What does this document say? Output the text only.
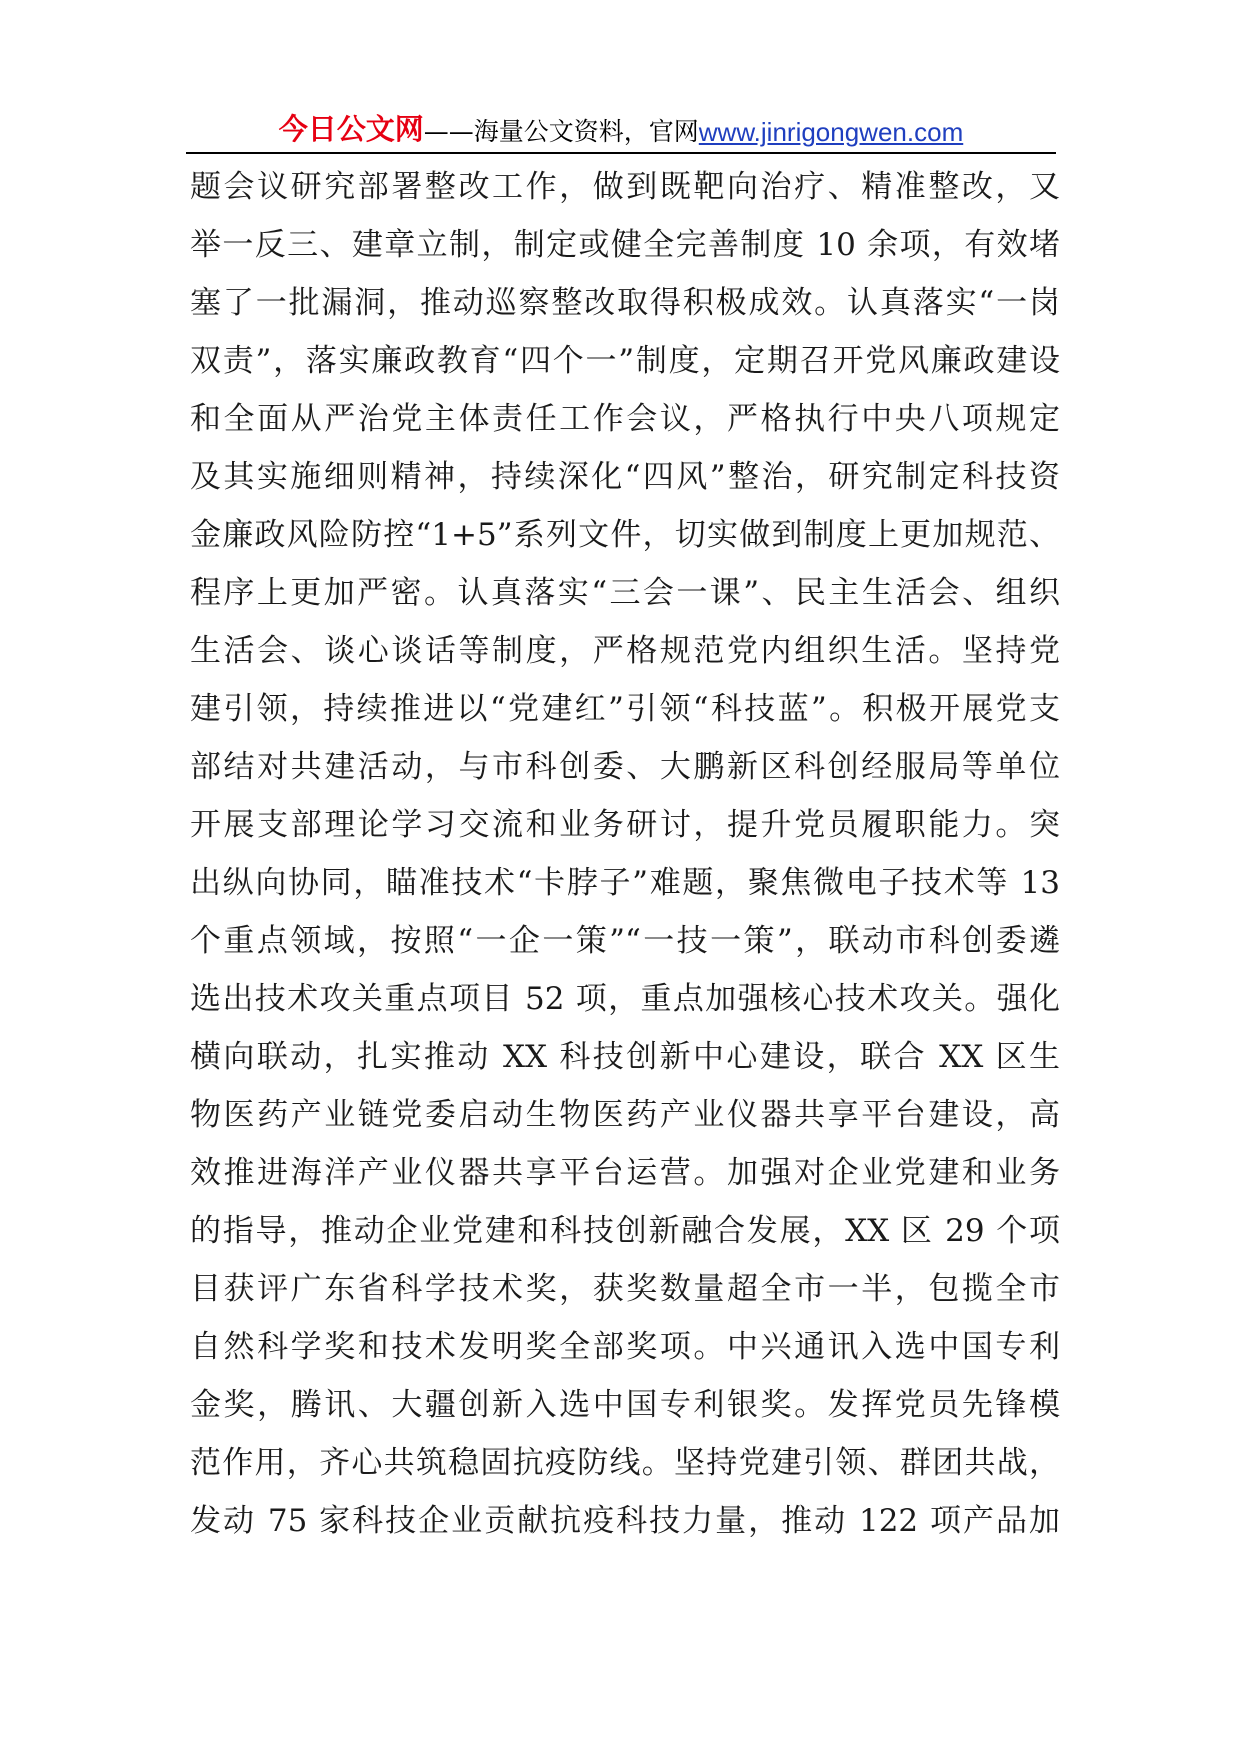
今日公文网 ——海量公文资料，官网 www.jinrigongwen.com
题会议研究部署整改工作，做到既靶向治疗、精准整改，又
举一反三、建章立制，制定或健全完善制度 10 余项，有效堵
塞了一批漏洞，推动巡察整改取得积极成效。认真落实“一岗
双责”，落实廉政教育“四个一”制度，定期召开党风廉政建设
和全面从严治党主体责任工作会议，严格执行中央八项规定
及其实施细则精神，持续深化“四风”整治，研究制定科技资
金廉政风险防控“1+5”系列文件，切实做到制度上更加规范、
程序上更加严密。认真落实“三会一课”、民主生活会、组织
生活会、谈心谈话等制度，严格规范党内组织生活。坚持党
建引领，持续推进以“党建红”引领“科技蓝”。积极开展党支
部结对共建活动，与市科创委、大鹏新区科创经服局等单位
开展支部理论学习交流和业务研讨，提升党员履职能力。突
出纵向协同，瞄准技术“卡脖子”难题，聚焦微电子技术等 13
个重点领域，按照“一企一策”“一技一策”，联动市科创委遴
选出技术攻关重点项目 52 项，重点加强核心技术攻关。强化
横向联动，扎实推动 XX 科技创新中心建设，联合 XX 区生
物医药产业链党委启动生物医药产业仪器共享平台建设，高
效推进海洋产业仪器共享平台运营。加强对企业党建和业务
的指导，推动企业党建和科技创新融合发展，XX 区 29 个项
目获评广东省科学技术奖，获奖数量超全市一半，包揽全市
自然科学奖和技术发明奖全部奖项。中兴通讯入选中国专利
金奖，腾讯、大疆创新入选中国专利银奖。发挥党员先锋模
范作用，齐心共筑稳固抗疫防线。坚持党建引领、群团共战，
发动 75 家科技企业贡献抗疫科技力量，推动 122 项产品加
